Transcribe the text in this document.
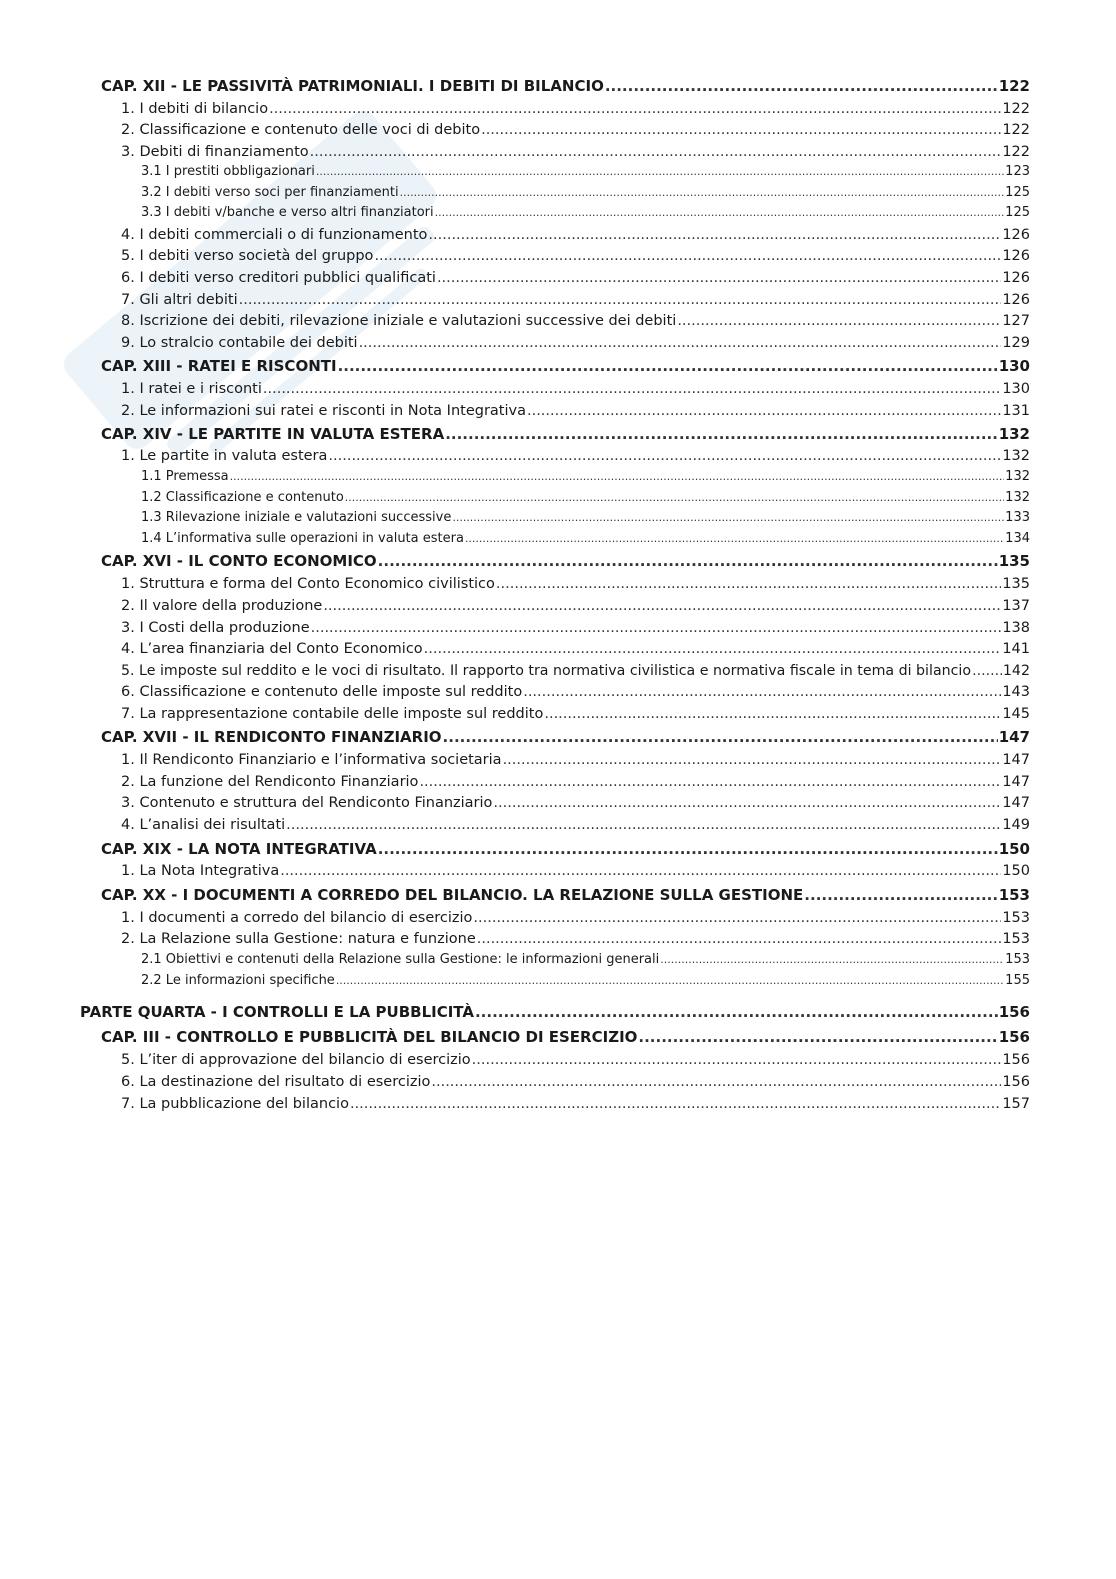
CAP. XII - LE PASSIVITÀ PATRIMONIALI. I DEBITI DI BILANCIO .....	122
1. I debiti di bilancio .....	122
2. Classificazione e contenuto delle voci di debito .....	122
3. Debiti di finanziamento .....	122
3.1 I prestiti obbligazionari .....	123
3.2 I debiti verso soci per finanziamenti .....	125
3.3 I debiti v/banche e verso altri finanziatori .....	125
4. I debiti commerciali o di funzionamento .....	126
5. I debiti verso società del gruppo .....	126
6. I debiti verso creditori pubblici qualificati .....	126
7. Gli altri debiti .....	126
8. Iscrizione dei debiti, rilevazione iniziale e valutazioni successive dei debiti .....	127
9. Lo stralcio contabile dei debiti .....	129
CAP. XIII - RATEI E RISCONTI .....	130
1. I ratei e i risconti .....	130
2. Le informazioni sui ratei e risconti in Nota Integrativa .....	131
CAP. XIV - LE PARTITE IN VALUTA ESTERA .....	132
1. Le partite in valuta estera .....	132
1.1 Premessa .....	132
1.2 Classificazione e contenuto .....	132
1.3 Rilevazione iniziale e valutazioni successive .....	133
1.4 L’informativa sulle operazioni in valuta estera .....	134
CAP. XVI - IL CONTO ECONOMICO .....	135
1. Struttura e forma del Conto Economico civilistico .....	135
2. Il valore della produzione .....	137
3. I Costi della produzione .....	138
4. L’area finanziaria del Conto Economico .....	141
5. Le imposte sul reddito e le voci di risultato. Il rapporto tra normativa civilistica e normativa fiscale in tema di bilancio ..... 142
6. Classificazione e contenuto delle imposte sul reddito .....	143
7. La rappresentazione contabile delle imposte sul reddito .....	145
CAP. XVII - IL RENDICONTO FINANZIARIO .....	147
1. Il Rendiconto Finanziario e l’informativa societaria .....	147
2. La funzione del Rendiconto Finanziario .....	147
3. Contenuto e struttura del Rendiconto Finanziario .....	147
4. L’analisi dei risultati .....	149
CAP. XIX - LA NOTA INTEGRATIVA .....	150
1. La Nota Integrativa .....	150
CAP. XX - I DOCUMENTI A CORREDO DEL BILANCIO. LA RELAZIONE SULLA GESTIONE .....	153
1. I documenti a corredo del bilancio di esercizio .....	153
2. La Relazione sulla Gestione: natura e funzione .....	153
2.1 Obiettivi e contenuti della Relazione sulla Gestione: le informazioni generali .....	153
2.2 Le informazioni specifiche .....	155
PARTE QUARTA - I CONTROLLI E LA PUBBLICITÀ .....	156
CAP. III - CONTROLLO E PUBBLICITÀ DEL BILANCIO DI ESERCIZIO .....	156
5. L’iter di approvazione del bilancio di esercizio .....	156
6. La destinazione del risultato di esercizio .....	156
7. La pubblicazione del bilancio .....	157
